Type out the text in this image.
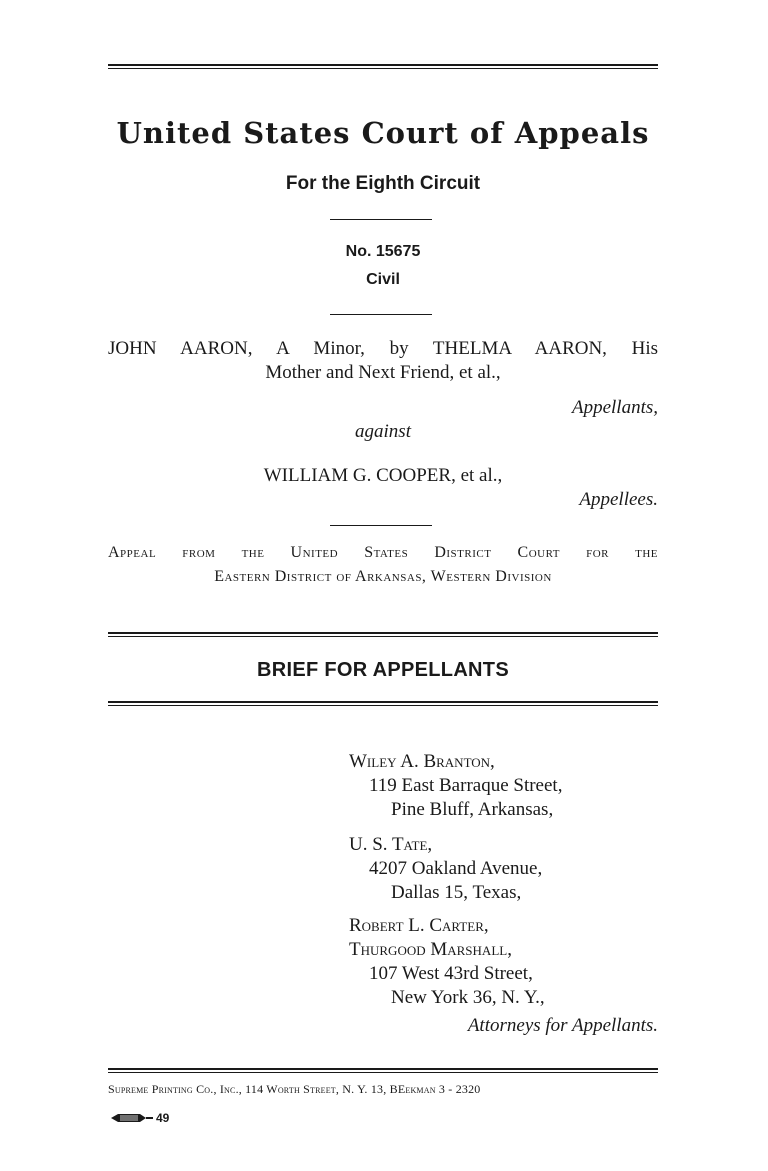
United States Court of Appeals
For the Eighth Circuit
No. 15675
Civil
JOHN AARON, A Minor, by THELMA AARON, His
Mother and Next Friend, et al.,
Appellants,
against
WILLIAM G. COOPER, et al.,
Appellees.
Appeal from the United States District Court for the
Eastern District of Arkansas, Western Division
BRIEF FOR APPELLANTS
Wiley A. Branton,
119 East Barraque Street,
Pine Bluff, Arkansas,
U. S. Tate,
4207 Oakland Avenue,
Dallas 15, Texas,
Robert L. Carter,
Thurgood Marshall,
107 West 43rd Street,
New York 36, N. Y.,
Attorneys for Appellants.
Supreme Printing Co., Inc., 114 Worth Street, N. Y. 13, BEekman 3 - 2320
49
